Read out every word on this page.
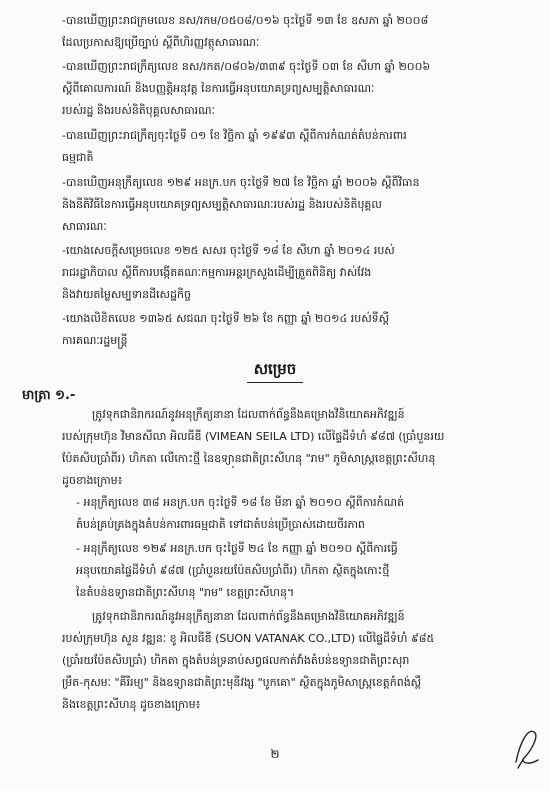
-បានឃើញព្រះរាជក្រមលេខ នស/រកម/០៥០៨/០១៦ ចុះថ្ងៃទី ១៣ ខែ ឧសភា ឆ្នាំ ២០០៨
ដែលប្រកាសឱ្យប្រើច្បាប់ ស្ដីពីហិរញ្ញវត្ថុសាធារណៈ
-បានឃើញព្រះរាជក្រឹត្យលេខ នស/រកត/០៨០៦/៣៣៩ ចុះថ្ងៃទី ០៣ ខែ សីហា ឆ្នាំ ២០០៦
ស្ដីពីគោលការណ៍ និងបញ្ញត្តិអនុវត្ត នៃការធ្វើអនុបយោគទ្រព្យសម្បត្តិសាធារណៈ
របស់រដ្ឋ និងរបស់និតិបុគ្គលសាធារណៈ
-បានឃើញព្រះរាជក្រឹត្យចុះថ្ងៃទី ០១ ខែ វិច្ឆិកា ឆ្នាំ ១៩៩៣ ស្ដីពីការកំណត់តំបន់ការពារ
ធម្មជាតិ
-បានឃើញអនុក្រឹត្យលេខ ១២៩ អនក្រ.បក ចុះថ្ងៃទី ២៧ ខែ វិច្ឆិកា ឆ្នាំ ២០០៦ ស្ដីពីវិធាន
និងនីតិវិធីនៃការធ្វើអនុបយោគទ្រព្យសម្បត្តិសាធារណៈរបស់រដ្ឋ និងរបស់និតិបុគ្គល
សាធារណៈ
-យោងសេចក្ដីសម្រេចលេខ ១២៥ សសរ ចុះថ្ងៃទី ១៨ ខែ សីហា ឆ្នាំ ២០១៤ របស់
រាជរដ្ឋាភិបាល ស្ដីពីការបង្កើតគណៈកម្មការអន្តរក្រសួងដើម្បីត្រួតពិនិត្យ វាស់វែង
និងវាយតម្លៃសម្បទានដីសេដ្ឋកិច្ច
-យោងលិខិតលេខ ១៣៦៥ សជណ ចុះថ្ងៃទី ២៦ ខែ កញ្ញា ឆ្នាំ ២០១៤ របស់ទីស្ដី
ការគណៈរដ្ឋមន្ត្រី
សម្រេច
មាត្រា ១.-
ត្រូវទុកជានិរាករណ៍នូវអនុក្រឹត្យនានា ដែលពាក់ព័ន្ធនឹងគម្រោងវិនិយោគអភិវឌ្ឍន៍
របស់ក្រុមហ៊ុន វិមានសីលា អិលធីឌី (VIMEAN SEILA LTD) លើផ្ទៃដីទំហំ ៩៨៧ (ប្រាំបួនរយ
ប៉ែតសិបប្រាំពីរ) ហិកតា លើកោះថ្មី នៃឧទ្យានជាតិព្រះសីហនុ "រាម" ភូមិសាស្ត្រខេត្តព្រះសីហនុ
ដូចខាងក្រោម៖
- អនុក្រឹត្យលេខ ៣៨ អនក្រ.បក ចុះថ្ងៃទី ១៨ ខែ មីនា ឆ្នាំ ២០១០ ស្ដីពីការកំណត់
តំបន់គ្រប់គ្រងក្នុងតំបន់ការពារធម្មជាតិ ទៅជាតំបន់ប្រើប្រាស់ដោយចីរភាព
- អនុក្រឹត្យលេខ ១២៩ អនក្រ.បក ចុះថ្ងៃទី ២៤ ខែ កញ្ញា ឆ្នាំ ២០១០ ស្ដីពីការធ្វើ
អនុបយោគផ្ទៃដីទំហំ ៩៨៧ (ប្រាំបួនរយប៉ែតសិបប្រាំពីរ) ហិកតា ស្ថិតក្នុងកោះថ្មី
នៃតំបន់ឧទ្យានជាតិព្រះសីហនុ "រាម" ខេត្តព្រះសីហនុ។
ត្រូវទុកជានិរាករណ៍នូវអនុក្រឹត្យនានា ដែលពាក់ព័ន្ធនឹងគម្រោងវិនិយោគអភិវឌ្ឍន៍
របស់ក្រុមហ៊ុន សួន វឌ្ឍនៈ ខូ អិលធីឌី (SUON VATANAK CO.,LTD) លើផ្ទៃដីទំហំ ៩៨៥
(ប្រាំរយប៉ែតសិបប្រាំ) ហិកតា ក្នុងតំបន់ទ្រនាប់សព្វផលកាត់វាំងតំបន់ឧទ្យានជាតិព្រះសុរា
ម្រឹត-កុសមៈ "គីរីរម្យ" និងឧទ្យានជាតិព្រះមុនីវង្ស "បូកគោ" ស្ថិតក្នុងភូមិសាស្ត្រខេត្តកំពង់ស្ពឺ
និងខេត្តព្រះសីហនុ ដូចខាងក្រោម៖
២
